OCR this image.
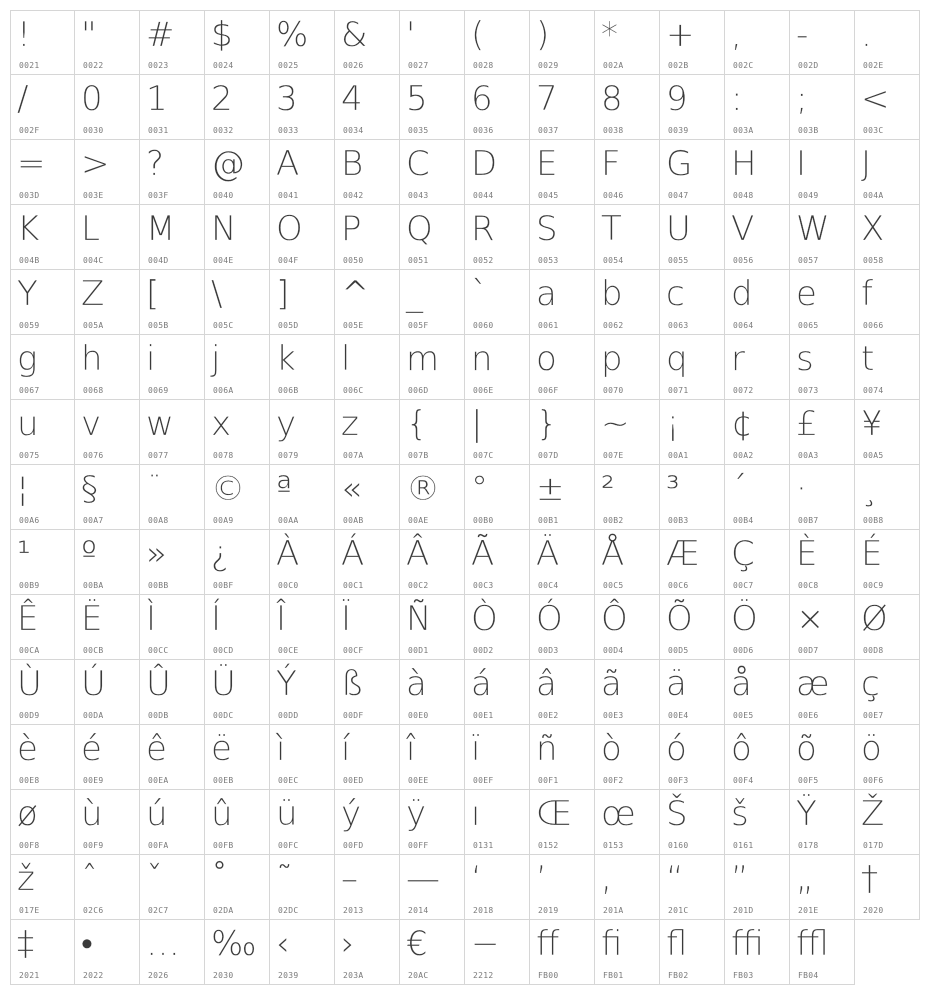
!
0021
"
0022
#
0023
$
0024
%
0025
&
0026
'
0027
(
0028
)
0029
*
002A
+
002B
,
002C
-
002D
.
002E
/
002F
0
0030
1
0031
2
0032
3
0033
4
0034
5
0035
6
0036
7
0037
8
0038
9
0039
:
003A
;
003B
<
003C
=
003D
>
003E
?
003F
@
0040
A
0041
B
0042
C
0043
D
0044
E
0045
F
0046
G
0047
H
0048
I
0049
J
004A
K
004B
L
004C
M
004D
N
004E
O
004F
P
0050
Q
0051
R
0052
S
0053
T
0054
U
0055
V
0056
W
0057
X
0058
Y
0059
Z
005A
[
005B
\
005C
]
005D
^
005E
_
005F
`
0060
a
0061
b
0062
c
0063
d
0064
e
0065
f
0066
g
0067
h
0068
i
0069
j
006A
k
006B
l
006C
m
006D
n
006E
o
006F
p
0070
q
0071
r
0072
s
0073
t
0074
u
0075
v
0076
w
0077
x
0078
y
0079
z
007A
{
007B
|
007C
}
007D
~
007E
¡
00A1
¢
00A2
£
00A3
¥
00A5
¦
00A6
§
00A7
¨
00A8
©
00A9
ª
00AA
«
00AB
®
00AE
°
00B0
±
00B1
²
00B2
³
00B3
´
00B4
·
00B7
¸
00B8
¹
00B9
º
00BA
»
00BB
¿
00BF
À
00C0
Á
00C1
Â
00C2
Ã
00C3
Ä
00C4
Å
00C5
Æ
00C6
Ç
00C7
È
00C8
É
00C9
Ê
00CA
Ë
00CB
Ì
00CC
Í
00CD
Î
00CE
Ï
00CF
Ñ
00D1
Ò
00D2
Ó
00D3
Ô
00D4
Õ
00D5
Ö
00D6
×
00D7
Ø
00D8
Ù
00D9
Ú
00DA
Û
00DB
Ü
00DC
Ý
00DD
ß
00DF
à
00E0
á
00E1
â
00E2
ã
00E3
ä
00E4
å
00E5
æ
00E6
ç
00E7
è
00E8
é
00E9
ê
00EA
ë
00EB
ì
00EC
í
00ED
î
00EE
ï
00EF
ñ
00F1
ò
00F2
ó
00F3
ô
00F4
õ
00F5
ö
00F6
ø
00F8
ù
00F9
ú
00FA
û
00FB
ü
00FC
ý
00FD
ÿ
00FF
ı
0131
Œ
0152
œ
0153
Š
0160
š
0161
Ÿ
0178
Ž
017D
ž
017E
ˆ
02C6
ˇ
02C7
˚
02DA
˜
02DC
–
2013
—
2014
‘
2018
’
2019
‚
201A
“
201C
”
201D
„
201E
†
2020
‡
2021
•
2022
…
2026
‰
2030
‹
2039
›
203A
€
20AC
−
2212
ﬀ
FB00
ﬁ
FB01
ﬂ
FB02
ﬃ
FB03
ﬄ
FB04
